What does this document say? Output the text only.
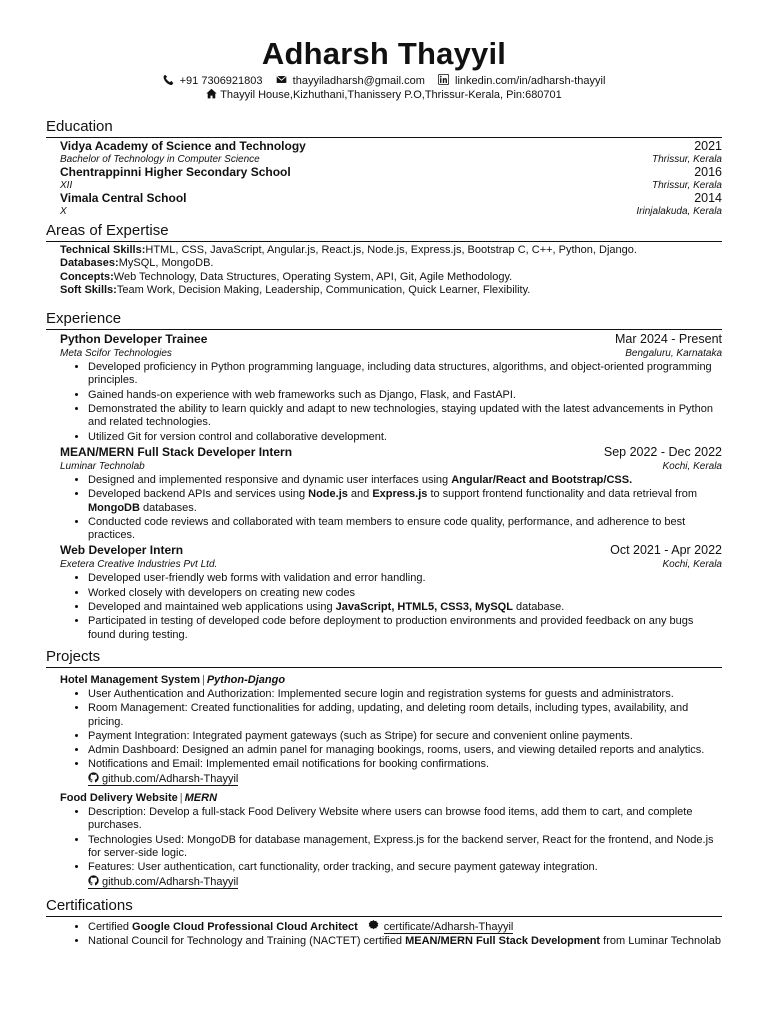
Adharsh Thayyil
+91 7306921803	thayyiladharsh@gmail.com	linkedin.com/in/adharsh-thayyil
Thayyil House,Kizhuthani,Thanissery P.O,Thrissur-Kerala, Pin:680701
Education
Vidya Academy of Science and Technology	2021
Bachelor of Technology in Computer Science	Thrissur, Kerala
Chentrappinni Higher Secondary School	2016
XII	Thrissur, Kerala
Vimala Central School	2014
X	Irinjalakuda, Kerala
Areas of Expertise
Technical Skills:HTML, CSS, JavaScript, Angular.js, React.js, Node.js, Express.js, Bootstrap C, C++, Python, Django.
Databases:MySQL, MongoDB.
Concepts:Web Technology, Data Structures, Operating System, API, Git, Agile Methodology.
Soft Skills:Team Work, Decision Making, Leadership, Communication, Quick Learner, Flexibility.
Experience
Python Developer Trainee	Mar 2024 - Present
Meta Scifor Technologies	Bengaluru, Karnataka
• Developed proficiency in Python programming language, including data structures, algorithms, and object-oriented programming principles.
• Gained hands-on experience with web frameworks such as Django, Flask, and FastAPI.
• Demonstrated the ability to learn quickly and adapt to new technologies, staying updated with the latest advancements in Python and related technologies.
• Utilized Git for version control and collaborative development.
MEAN/MERN Full Stack Developer Intern	Sep 2022 - Dec 2022
Luminar Technolab	Kochi, Kerala
• Designed and implemented responsive and dynamic user interfaces using Angular/React and Bootstrap/CSS.
• Developed backend APIs and services using Node.js and Express.js to support frontend functionality and data retrieval from MongoDB databases.
• Conducted code reviews and collaborated with team members to ensure code quality, performance, and adherence to best practices.
Web Developer Intern	Oct 2021 - Apr 2022
Exetera Creative Industries Pvt Ltd.	Kochi, Kerala
• Developed user-friendly web forms with validation and error handling.
• Worked closely with developers on creating new codes
• Developed and maintained web applications using JavaScript, HTML5, CSS3, MySQL database.
• Participated in testing of developed code before deployment to production environments and provided feedback on any bugs found during testing.
Projects
Hotel Management System | Python-Django
• User Authentication and Authorization: Implemented secure login and registration systems for guests and administrators.
• Room Management: Created functionalities for adding, updating, and deleting room details, including types, availability, and pricing.
• Payment Integration: Integrated payment gateways (such as Stripe) for secure and convenient online payments.
• Admin Dashboard: Designed an admin panel for managing bookings, rooms, users, and viewing detailed reports and analytics.
• Notifications and Email: Implemented email notifications for booking confirmations.
github.com/Adharsh-Thayyil
Food Delivery Website | MERN
• Description: Develop a full-stack Food Delivery Website where users can browse food items, add them to cart, and complete purchases.
• Technologies Used: MongoDB for database management, Express.js for the backend server, React for the frontend, and Node.js for server-side logic.
• Features: User authentication, cart functionality, order tracking, and secure payment gateway integration.
github.com/Adharsh-Thayyil
Certifications
• Certified Google Cloud Professional Cloud Architect certificate/Adharsh-Thayyil
• National Council for Technology and Training (NACTET) certified MEAN/MERN Full Stack Development from Luminar Technolab
